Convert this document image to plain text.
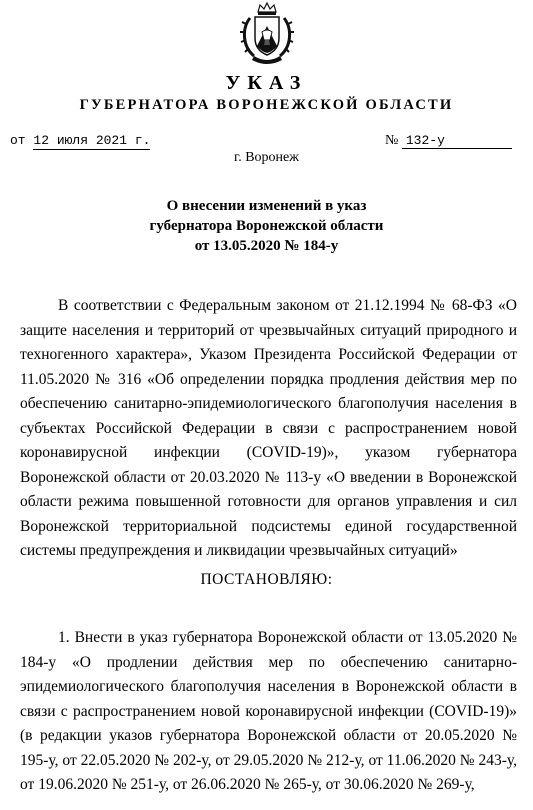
УКАЗ
ГУБЕРНАТОРА ВОРОНЕЖСКОЙ ОБЛАСТИ
от 12 июля 2021 г.	№ 132-у
г. Воронеж
О внесении изменений в указ
губернатора Воронежской области
от 13.05.2020 № 184-у

В соответствии с Федеральным законом от 21.12.1994 № 68-ФЗ «О защите населения и территорий от чрезвычайных ситуаций природного и техногенного характера», Указом Президента Российской Федерации от 11.05.2020 № 316 «Об определении порядка продления действия мер по обеспечению санитарно-эпидемиологического благополучия населения в субъектах Российской Федерации в связи с распространением новой коронавирусной инфекции (COVID-19)», указом губернатора Воронежской области от 20.03.2020 № 113-у «О введении в Воронежской области режима повышенной готовности для органов управления и сил Воронежской территориальной подсистемы единой государственной системы предупреждения и ликвидации чрезвычайных ситуаций»

ПОСТАНОВЛЯЮ:

1. Внести в указ губернатора Воронежской области от 13.05.2020 № 184-у «О продлении действия мер по обеспечению санитарно-эпидемиологического благополучия населения в Воронежской области в связи с распространением новой коронавирусной инфекции (COVID-19)» (в редакции указов губернатора Воронежской области от 20.05.2020 № 195-у, от 22.05.2020 № 202-у, от 29.05.2020 № 212-у, от 11.06.2020 № 243-у, от 19.06.2020 № 251-у, от 26.06.2020 № 265-у, от 30.06.2020 № 269-у,
